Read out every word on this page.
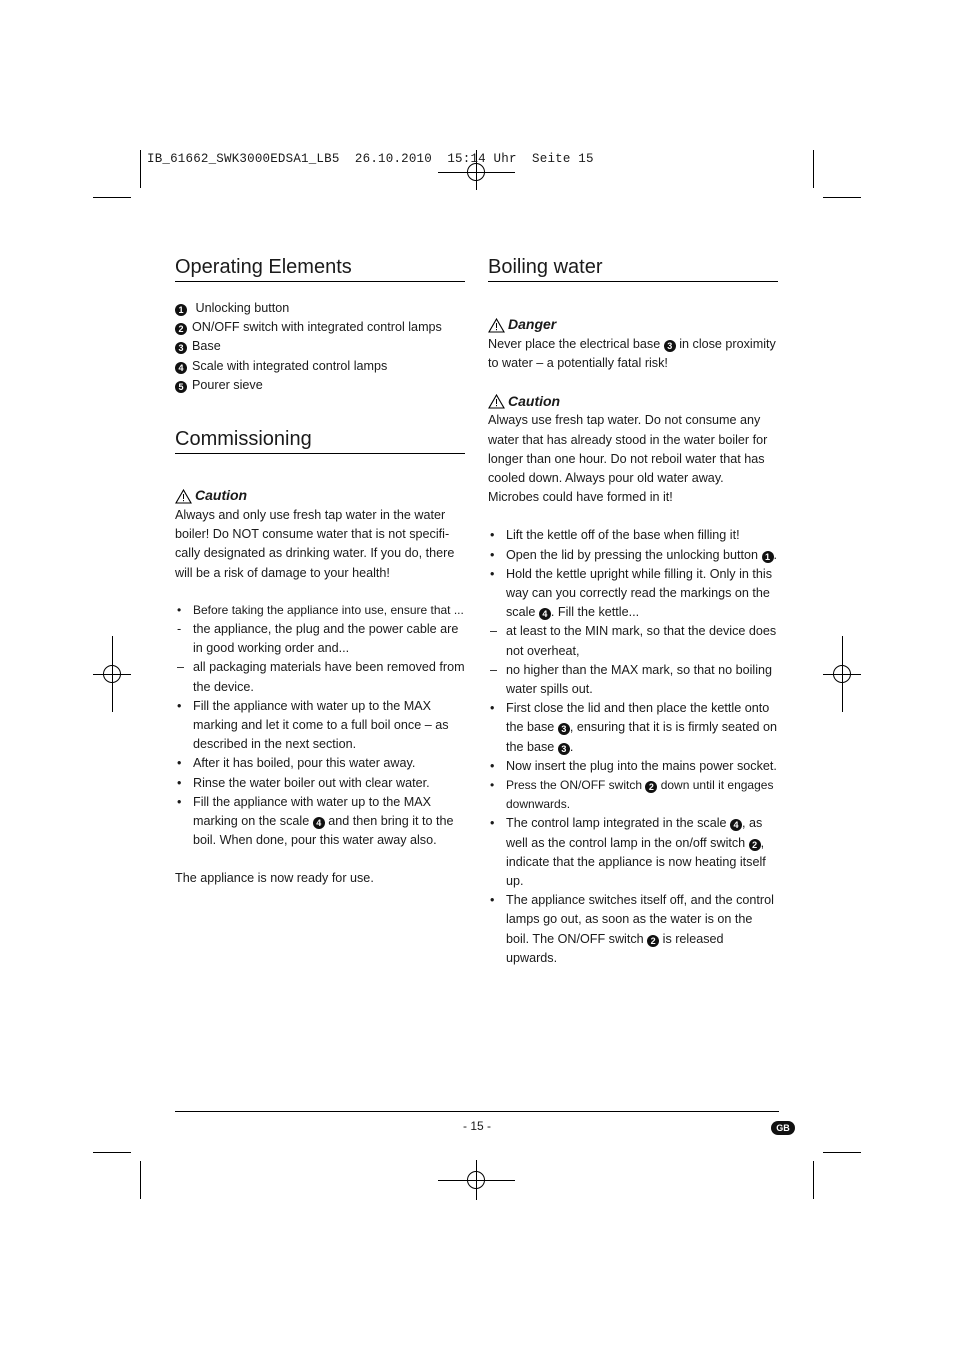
IB_61662_SWK3000EDSA1_LB5  26.10.2010  15:14 Uhr  Seite 15
Operating Elements
1 Unlocking button
2 ON/OFF switch with integrated control lamps
3 Base
4 Scale with integrated control lamps
5 Pourer sieve
Commissioning
Caution

Always and only use fresh tap water in the water boiler! Do NOT consume water that is not specifi-cally designated as drinking water. If you do, there will be a risk of damage to your health!

• Before taking the appliance into use, ensure that ...
- the appliance, the plug and the power cable are in good working order and...
– all packaging materials have been removed from the device.
• Fill the appliance with water up to the MAX marking and let it come to a full boil once – as described in the next section.
• After it has boiled, pour this water away.
• Rinse the water boiler out with clear water.
• Fill the appliance with water up to the MAX marking on the scale 4 and then bring it to the boil. When done, pour this water away also.

The appliance is now ready for use.

Boiling water
Danger

Never place the electrical base 3 in close proximity to water – a potentially fatal risk!

Caution

Always use fresh tap water. Do not consume any water that has already stood in the water boiler for longer than one hour. Do not reboil water that has cooled down. Always pour old water away. Microbes could have formed in it!

• Lift the kettle off of the base when filling it!
• Open the lid by pressing the unlocking button 1 .
• Hold the kettle upright while filling it. Only in this way can you correctly read the markings on the scale 4 . Fill the kettle...
– at least to the MIN mark, so that the device does not overheat,
– no higher than the MAX mark, so that no boiling water spills out.
• First close the lid and then place the kettle onto the base 3 , ensuring that it is is firmly seated on the base 3 .
• Now insert the plug into the mains power socket.
• Press the ON/OFF switch 2 down until it engages downwards.
• The control lamp integrated in the scale 4 , as well as the control lamp in the on/off switch 2 , indicate that the appliance is now heating itself up.
• The appliance switches itself off, and the control lamps go out, as soon as the water is on the boil. The ON/OFF switch 2 is released upwards.
- 15 -	GB
